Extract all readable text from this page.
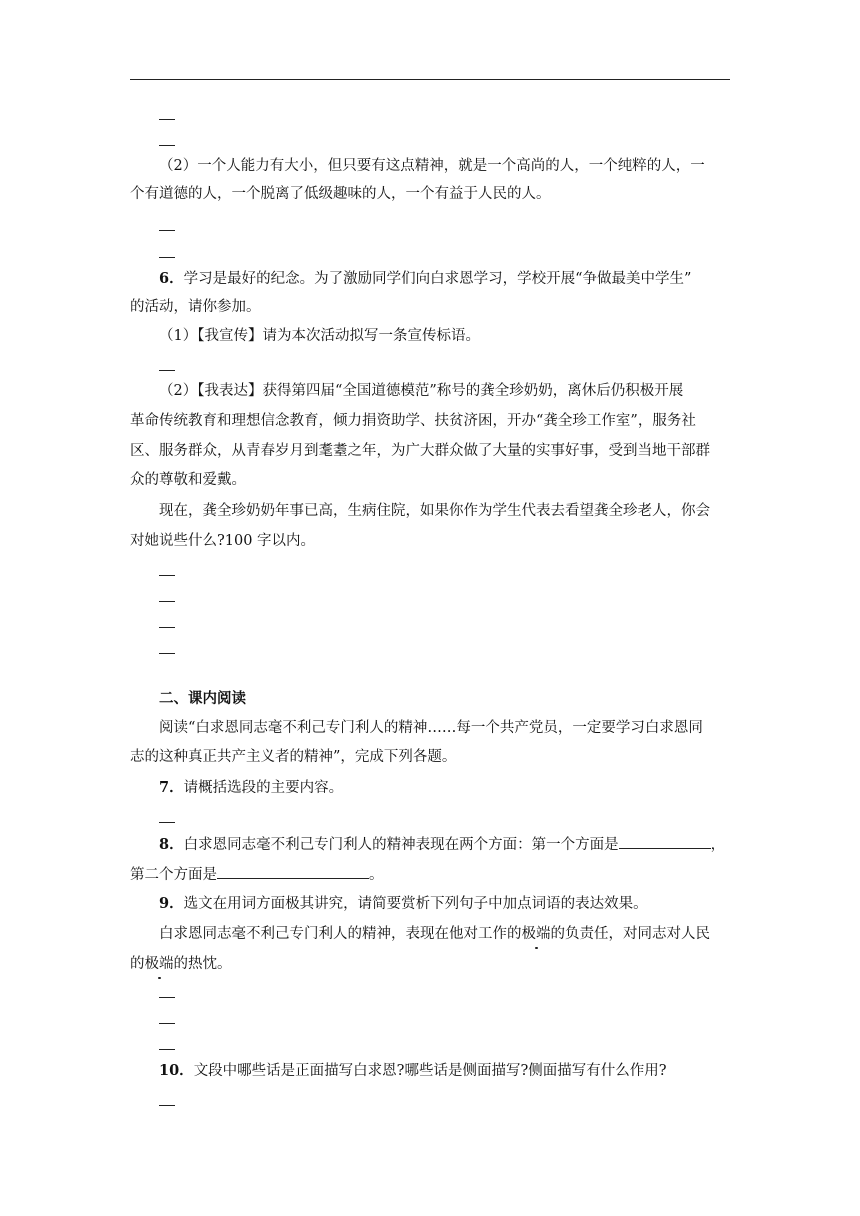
（2）一个人能力有大小，但只要有这点精神，就是一个高尚的人，一个纯粹的人，一
个有道德的人，一个脱离了低级趣味的人，一个有益于人民的人。
6．学习是最好的纪念。为了激励同学们向白求恩学习，学校开展“争做最美中学生”
的活动，请你参加。
（1）【我宣传】请为本次活动拟写一条宣传标语。
（2）【我表达】获得第四届“全国道德模范”称号的龚全珍奶奶，离休后仍积极开展
革命传统教育和理想信念教育，倾力捐资助学、扶贫济困，开办“龚全珍工作室”，服务社
区、服务群众，从青春岁月到耄耋之年，为广大群众做了大量的实事好事，受到当地干部群
众的尊敬和爱戴。
现在，龚全珍奶奶年事已高，生病住院，如果你作为学生代表去看望龚全珍老人，你会
对她说些什么?100 字以内。
二、课内阅读
阅读“白求恩同志毫不利己专门利人的精神……每一个共产党员，一定要学习白求恩同
志的这种真正共产主义者的精神”，完成下列各题。
7．请概括选段的主要内容。
8．白求恩同志毫不利己专门利人的精神表现在两个方面：第一个方面是	，
第二个方面是	。
9．选文在用词方面极其讲究，请简要赏析下列句子中加点词语的表达效果。
白求恩同志毫不利己专门利人的精神，表现在他对工作的极端的负责任，对同志对人民
的极端的热忱。
10．文段中哪些话是正面描写白求恩?哪些话是侧面描写?侧面描写有什么作用?
